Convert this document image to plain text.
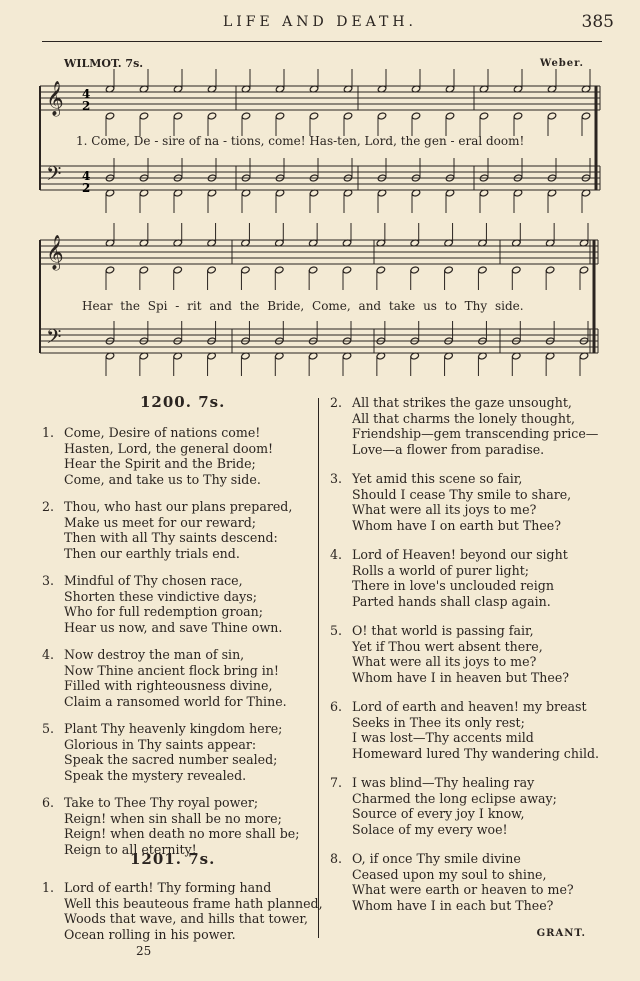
LIFE AND DEATH.	385
WILMOT. 7s.	Weber.
𝄞
𝄢
𝄞
𝄢
4
2
4
2
1. Come, De - sire of na - tions, come! Has-ten, Lord, the gen - eral doom!
Hear the Spi - rit and the Bride, Come, and take us to Thy side.
1200. 7s.
1. Come, Desire of nations come!
Hasten, Lord, the general doom!
Hear the Spirit and the Bride;
Come, and take us to Thy side.
2. Thou, who hast our plans prepared,
Make us meet for our reward;
Then with all Thy saints descend:
Then our earthly trials end.
3. Mindful of Thy chosen race,
Shorten these vindictive days;
Who for full redemption groan;
Hear us now, and save Thine own.
4. Now destroy the man of sin,
Now Thine ancient flock bring in!
Filled with righteousness divine,
Claim a ransomed world for Thine.
5. Plant Thy heavenly kingdom here;
Glorious in Thy saints appear:
Speak the sacred number sealed;
Speak the mystery revealed.
6. Take to Thee Thy royal power;
Reign! when sin shall be no more;
Reign! when death no more shall be;
Reign to all eternity!
1201. 7s.
1. Lord of earth! Thy forming hand
Well this beauteous frame hath planned,
Woods that wave, and hills that tower,
Ocean rolling in his power.
25
2. All that strikes the gaze unsought,
All that charms the lonely thought,
Friendship—gem transcending price—
Love—a flower from paradise.
3. Yet amid this scene so fair,
Should I cease Thy smile to share,
What were all its joys to me?
Whom have I on earth but Thee?
4. Lord of Heaven! beyond our sight
Rolls a world of purer light;
There in love's unclouded reign
Parted hands shall clasp again.
5. O! that world is passing fair,
Yet if Thou wert absent there,
What were all its joys to me?
Whom have I in heaven but Thee?
6. Lord of earth and heaven! my breast
Seeks in Thee its only rest;
I was lost—Thy accents mild
Homeward lured Thy wandering child.
7. I was blind—Thy healing ray
Charmed the long eclipse away;
Source of every joy I know,
Solace of my every woe!
8. O, if once Thy smile divine
Ceased upon my soul to shine,
What were earth or heaven to me?
Whom have I in each but Thee?
GRANT.
